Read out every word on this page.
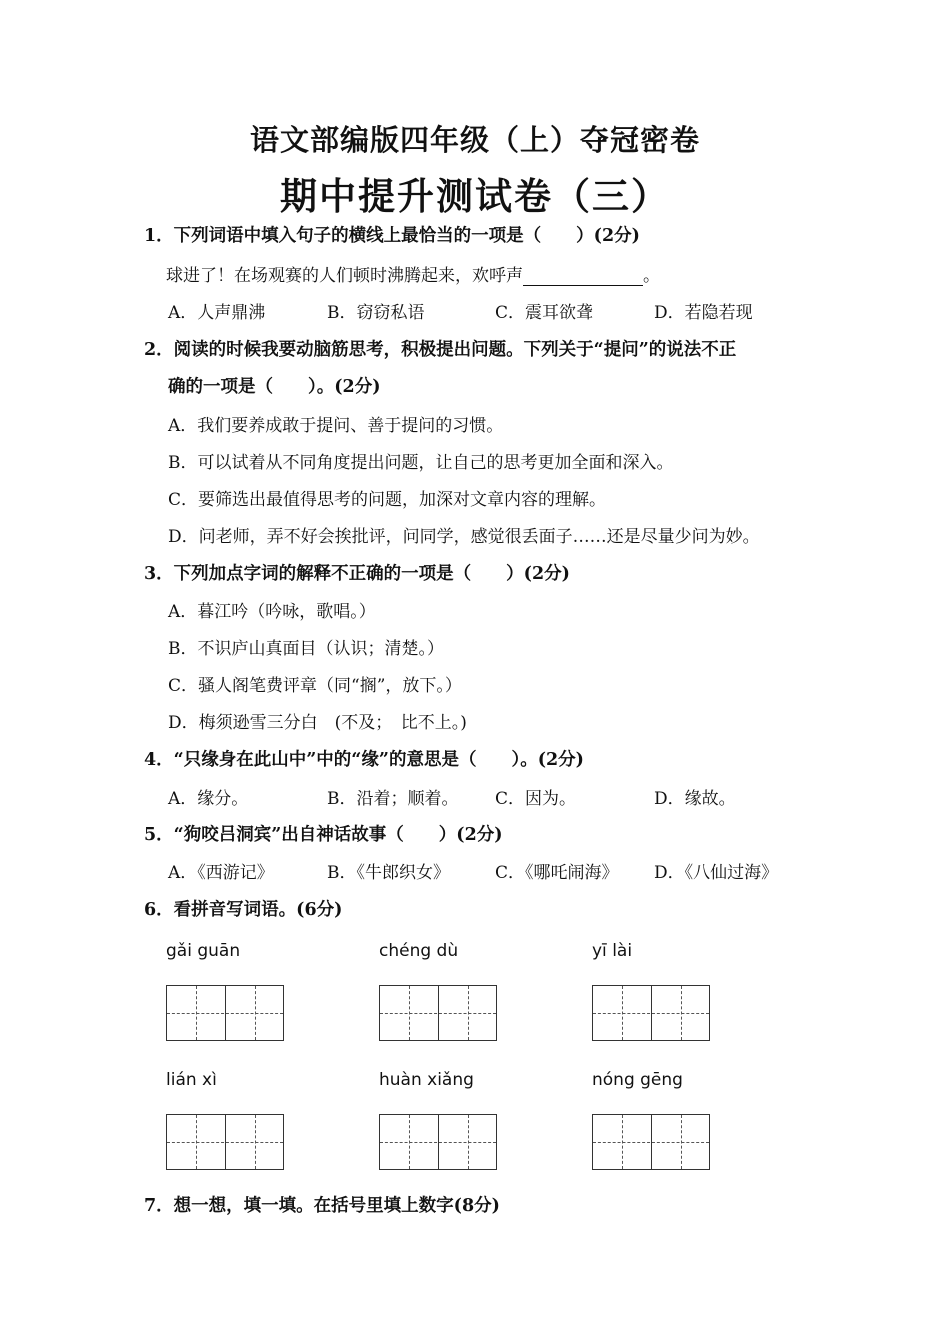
语文部编版四年级（上）夺冠密卷
期中提升测试卷（三）
1．下列词语中填入句子的横线上最恰当的一项是（　　）(2分)
球进了！在场观赛的人们顿时沸腾起来，欢呼声	。
A．人声鼎沸	B．窃窃私语	C．震耳欲聋	D．若隐若现
2．阅读的时候我要动脑筋思考，积极提出问题。下列关于“提问”的说法不正
确的一项是（　　）。(2分)
A．我们要养成敢于提问、善于提问的习惯。
B．可以试着从不同角度提出问题，让自己的思考更加全面和深入。
C．要筛选出最值得思考的问题，加深对文章内容的理解。
D．问老师，弄不好会挨批评，问同学，感觉很丢面子……还是尽量少问为妙。
3．下列加点字词的解释不正确的一项是（　　）(2分)
A．暮江吟（吟咏，歌唱。）
B．不识庐山真面目（认识；清楚。）
C．骚人阁笔费评章（同“搁”，放下。）
D．梅须逊雪三分白　(不及；　比不上。)
4．“只缘身在此山中”中的“缘”的意思是（　　）。(2分)
A．缘分。	B．沿着；顺着。 C．因为。	D．缘故。
5．“狗咬吕洞宾”出自神话故事（　　）(2分)
A．《西游记》	B．《牛郎织女》	C．《哪吒闹海》 D．《八仙过海》
6．看拼音写词语。(6分)
gǎi guān	chéng dù	yī lài
lián xì	huàn xiǎng	nóng gēng
7．想一想，填一填。在括号里填上数字(8分)
